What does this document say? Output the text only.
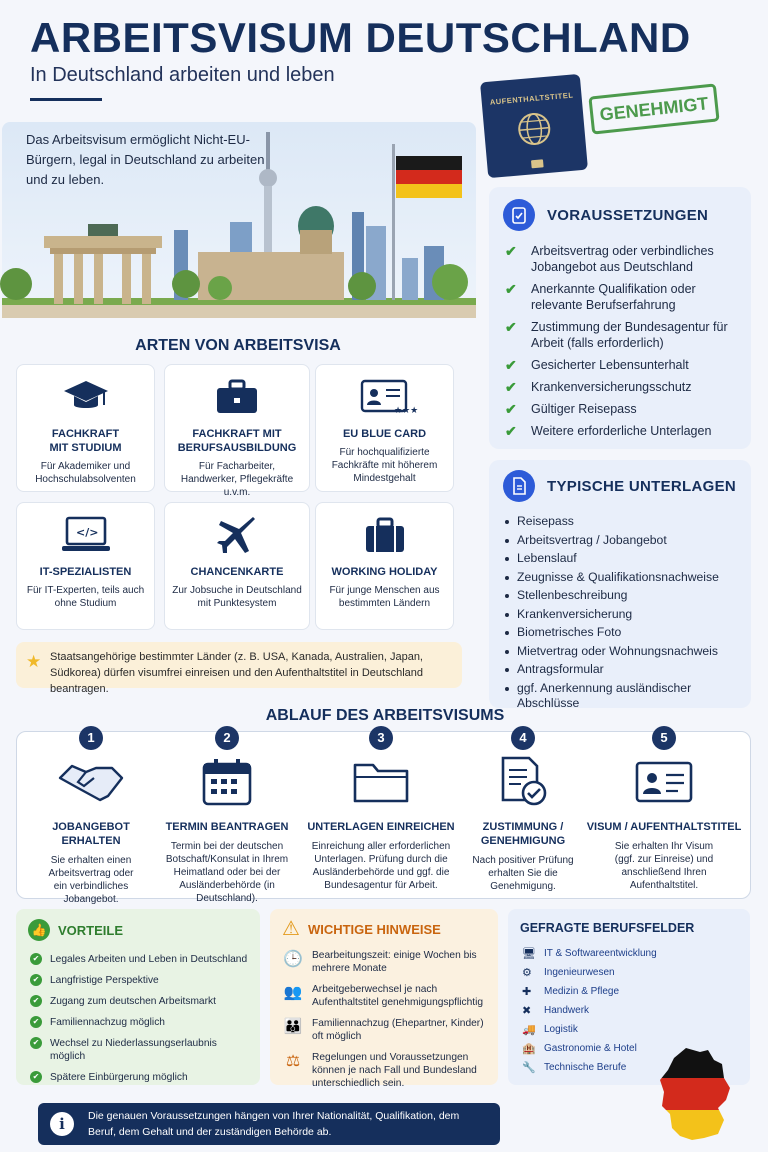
ARBEITSVISUM DEUTSCHLAND
In Deutschland arbeiten und leben
AUFENTHALTSTITEL	GENEHMIGT
Das Arbeitsvisum ermöglicht Nicht-EU-Bürgern, legal in Deutschland zu arbeiten und zu leben.
VORAUSSETZUNGEN
✔ Arbeitsvertrag oder verbindliches Jobangebot aus Deutschland
✔ Anerkannte Qualifikation oder relevante Berufserfahrung
✔ Zustimmung der Bundesagentur für Arbeit (falls erforderlich)
✔ Gesicherter Lebensunterhalt
✔ Krankenversicherungsschutz
✔ Gültiger Reisepass
✔ Weitere erforderliche Unterlagen
TYPISCHE UNTERLAGEN
Reisepass
Arbeitsvertrag / Jobangebot
Lebenslauf
Zeugnisse & Qualifikationsnachweise
Stellenbeschreibung
Krankenversicherung
Biometrisches Foto
Mietvertrag oder Wohnungsnachweis
Antragsformular
ggf. Anerkennung ausländischer Abschlüsse
ARTEN VON ARBEITSVISA
FACHKRAFT
MIT STUDIUM
Für Akademiker und Hochschulabsolventen
FACHKRAFT MIT BERUFSAUSBILDUNG
Für Facharbeiter, Handwerker, Pflegekräfte u.v.m.
★★★
EU BLUE CARD
Für hochqualifizierte Fachkräfte mit höherem Mindestgehalt
</>
IT-SPEZIALISTEN
Für IT-Experten, teils auch ohne Studium
CHANCENKARTE
Zur Jobsuche in Deutschland mit Punktesystem
WORKING HOLIDAY
Für junge Menschen aus bestimmten Ländern
★ Staatsangehörige bestimmter Länder (z. B. USA, Kanada, Australien, Japan, Südkorea) dürfen visumfrei einreisen und den Aufenthaltstitel in Deutschland beantragen.
ABLAUF DES ARBEITSVISUMS
1
JOBANGEBOT ERHALTEN
Sie erhalten einen Arbeitsvertrag oder ein verbindliches Jobangebot.
2
TERMIN BEANTRAGEN
Termin bei der deutschen Botschaft/Konsulat in Ihrem Heimatland oder bei der Ausländerbehörde (in Deutschland).
3
UNTERLAGEN EINREICHEN
Einreichung aller erforderlichen Unterlagen. Prüfung durch die Ausländerbehörde und ggf. die Bundesagentur für Arbeit.
4
ZUSTIMMUNG / GENEHMIGUNG
Nach positiver Prüfung erhalten Sie die Genehmigung.
5
VISUM / AUFENTHALTSTITEL
Sie erhalten Ihr Visum (ggf. zur Einreise) und anschließend Ihren Aufenthaltstitel.
👍 VORTEILE
✔ Legales Arbeiten und Leben in Deutschland
✔ Langfristige Perspektive
✔ Zugang zum deutschen Arbeitsmarkt
✔ Familiennachzug möglich
✔ Wechsel zu Niederlassungserlaubnis möglich
✔ Spätere Einbürgerung möglich
⚠ WICHTIGE HINWEISE
🕒 Bearbeitungszeit: einige Wochen bis mehrere Monate
👥 Arbeitgeberwechsel je nach Aufenthaltstitel genehmigungspflichtig
👪 Familiennachzug (Ehepartner, Kinder) oft möglich
⚖	Regelungen und Voraussetzungen können je nach Fall und Bundesland unterschiedlich sein.
GEFRAGTE BERUFSFELDER
🖥 IT & Softwareentwicklung
⚙	Ingenieurwesen
✚	Medizin & Pflege
✖	Handwerk
🚚 Logistik
🏨 Gastronomie & Hotel
🔧 Technische Berufe
i	Die genauen Voraussetzungen hängen von Ihrer Nationalität, Qualifikation, dem Beruf, dem Gehalt und der zuständigen Behörde ab.
